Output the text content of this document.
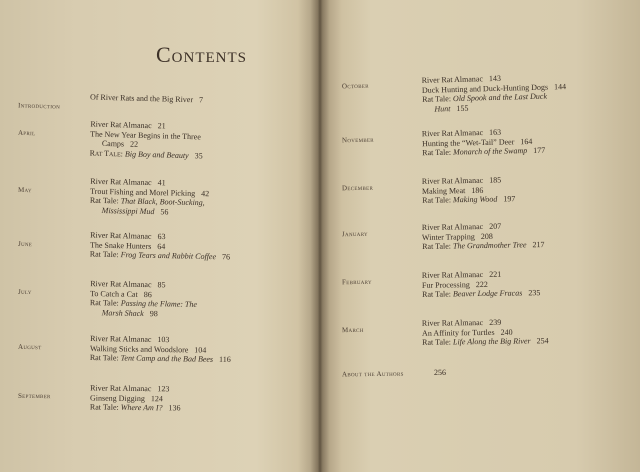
Contents
Introduction
Of River Rats and the Big River 7
April
River Rat Almanac 21
The New Year Begins in the Three
Camps 22
Rat Tale: Big Boy and Beauty 35
May
River Rat Almanac 41
Trout Fishing and Morel Picking 42
Rat Tale: That Black, Boot-Sucking,
Mississippi Mud 56
June
River Rat Almanac 63
The Snake Hunters 64
Rat Tale: Frog Tears and Rabbit Coffee 76
July
River Rat Almanac 85
To Catch a Cat 86
Rat Tale: Passing the Flame: The
Marsh Shack 98
August
River Rat Almanac 103
Walking Sticks and Woodslore 104
Rat Tale: Tent Camp and the Bad Bees 116
September
River Rat Almanac 123
Ginseng Digging 124
Rat Tale: Where Am I? 136
October
River Rat Almanac 143
Duck Hunting and Duck-Hunting Dogs 144
Rat Tale: Old Spook and the Last Duck
Hunt 155
November
River Rat Almanac 163
Hunting the “Wet-Tail” Deer 164
Rat Tale: Monarch of the Swamp 177
December
River Rat Almanac 185
Making Meat 186
Rat Tale: Making Wood 197
January
River Rat Almanac 207
Winter Trapping 208
Rat Tale: The Grandmother Tree 217
February
River Rat Almanac 221
Fur Processing 222
Rat Tale: Beaver Lodge Fracas 235
March
River Rat Almanac 239
An Affinity for Turtles 240
Rat Tale: Life Along the Big River 254
About the Authors	256
